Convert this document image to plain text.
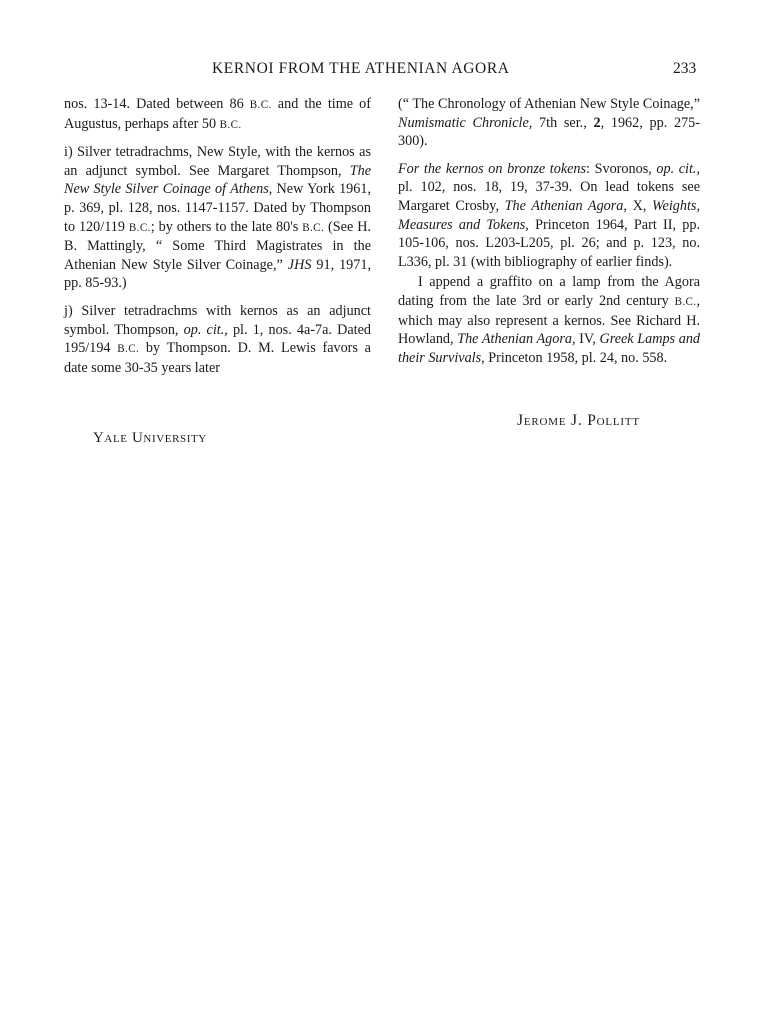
KERNOI FROM THE ATHENIAN AGORA	233

nos. 13-14. Dated between 86 B.C. and the time of Augustus, perhaps after 50 B.C.

i) Silver tetradrachms, New Style, with the kernos as an adjunct symbol. See Margaret Thompson, The New Style Silver Coinage of Athens, New York 1961, p. 369, pl. 128, nos. 1147-1157. Dated by Thompson to 120/119 B.C.; by others to the late 80's B.C. (See H. B. Mattingly, “ Some Third Magistrates in the Athenian New Style Silver Coinage,” JHS 91, 1971, pp. 85-93.)

j) Silver tetradrachms with kernos as an adjunct symbol. Thompson, op. cit., pl. 1, nos. 4a-7a. Dated 195/194 B.C. by Thompson. D. M. Lewis favors a date some 30-35 years later

(“ The Chronology of Athenian New Style Coinage,” Numismatic Chronicle, 7th ser., 2, 1962, pp. 275-300).

For the kernos on bronze tokens: Svoronos, op. cit., pl. 102, nos. 18, 19, 37-39. On lead tokens see Margaret Crosby, The Athenian Agora, X, Weights, Measures and Tokens, Princeton 1964, Part II, pp. 105-106, nos. L203-L205, pl. 26; and p. 123, no. L336, pl. 31 (with bibliography of earlier finds).

I append a graffito on a lamp from the Agora dating from the late 3rd or early 2nd century B.C., which may also represent a kernos. See Richard H. Howland, The Athenian Agora, IV, Greek Lamps and their Survivals, Princeton 1958, pl. 24, no. 558.

Jerome J. Pollitt
Yale University
